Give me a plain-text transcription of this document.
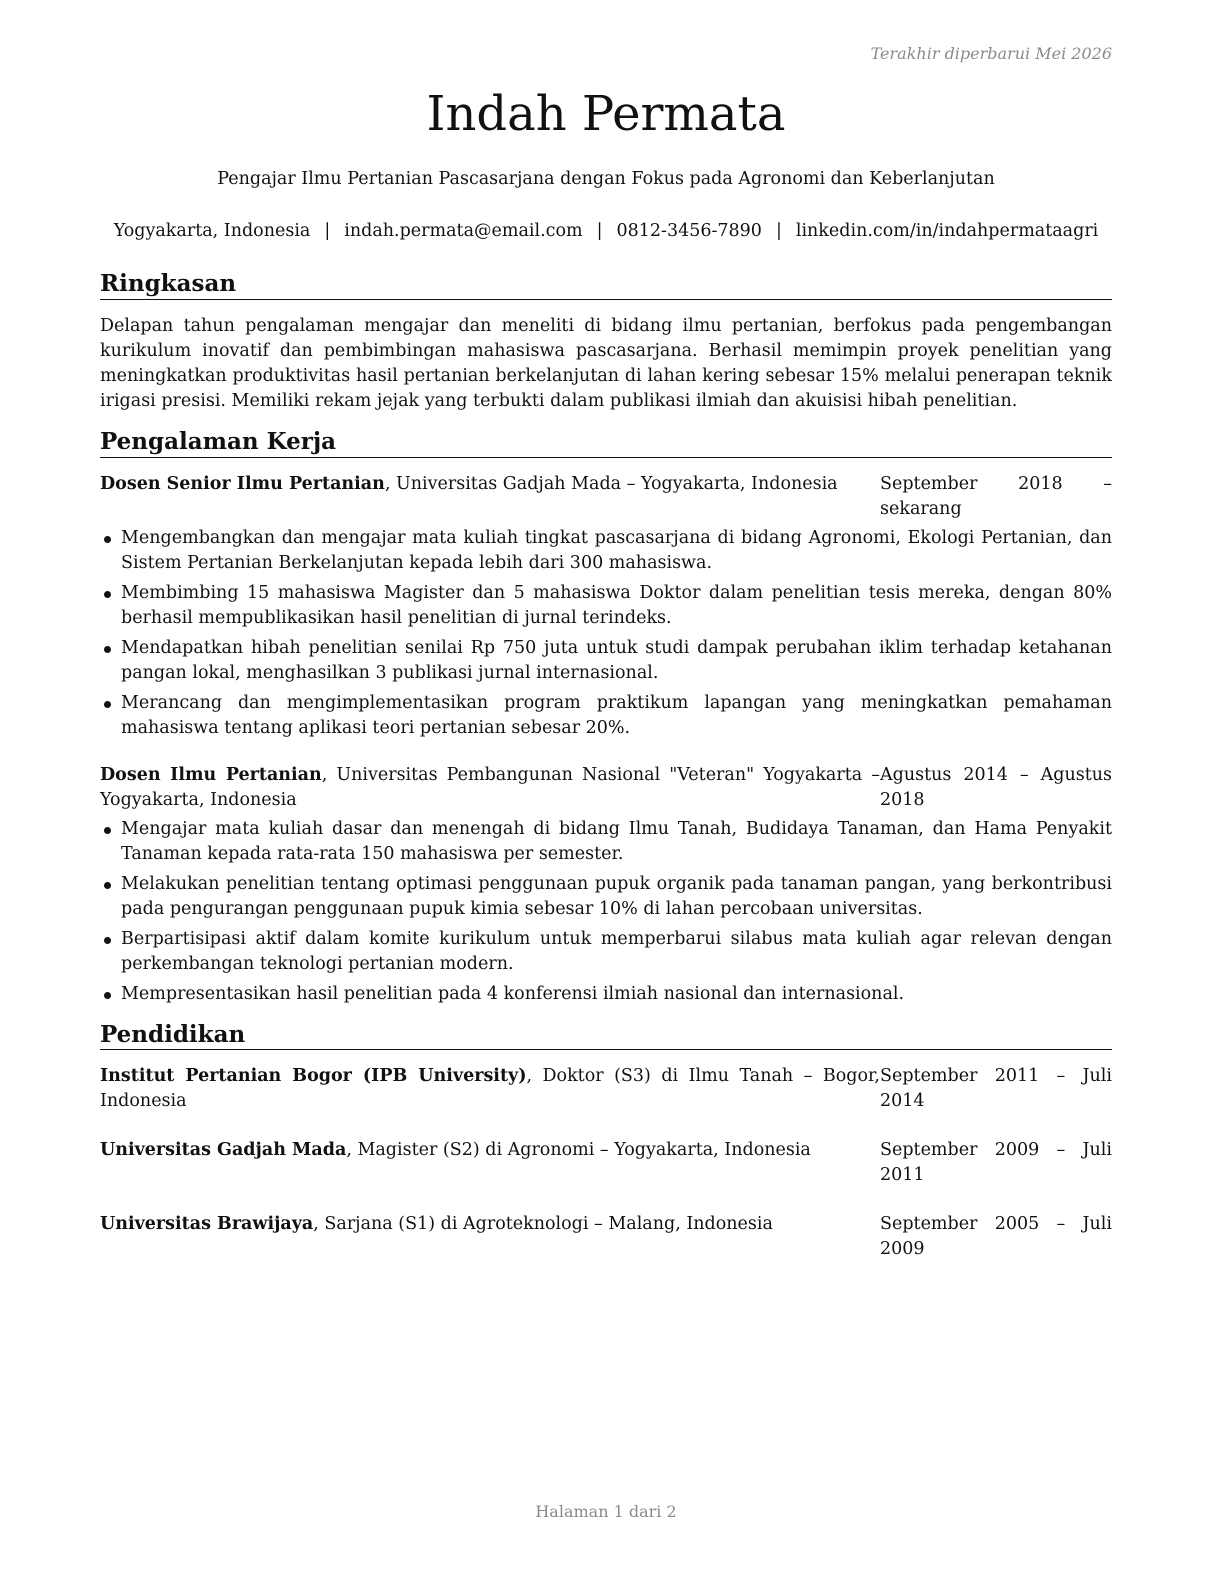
Terakhir diperbarui Mei 2026
Indah Permata
Pengajar Ilmu Pertanian Pascasarjana dengan Fokus pada Agronomi dan Keberlanjutan
Yogyakarta, Indonesia | indah.permata@email.com | 0812-3456-7890 | linkedin.com/in/indahpermataagri
Ringkasan

Delapan tahun pengalaman mengajar dan meneliti di bidang ilmu pertanian, berfokus pada pengembangan kurikulum inovatif dan pembimbingan mahasiswa pascasarjana. Berhasil memimpin proyek penelitian yang meningkatkan produktivitas hasil pertanian berkelanjutan di lahan kering sebesar 15% melalui penerapan teknik irigasi presisi. Memiliki rekam jejak yang terbukti dalam publikasi ilmiah dan akuisisi hibah penelitian.

Pengalaman Kerja
Dosen Senior Ilmu Pertanian, Universitas Gadjah Mada – Yogyakarta, Indonesia	September 2018 – sekarang
Mengembangkan dan mengajar mata kuliah tingkat pascasarjana di bidang Agronomi, Ekologi Pertanian, dan Sistem Pertanian Berkelanjutan kepada lebih dari 300 mahasiswa.
Membimbing 15 mahasiswa Magister dan 5 mahasiswa Doktor dalam penelitian tesis mereka, dengan 80% berhasil mempublikasikan hasil penelitian di jurnal terindeks.
Mendapatkan hibah penelitian senilai Rp 750 juta untuk studi dampak perubahan iklim terhadap ketahanan pangan lokal, menghasilkan 3 publikasi jurnal internasional.
Merancang dan mengimplementasikan program praktikum lapangan yang meningkatkan pemahaman mahasiswa tentang aplikasi teori pertanian sebesar 20%.
Dosen Ilmu Pertanian, Universitas Pembangunan Nasional "Veteran" Yogyakarta – Yogyakarta, Indonesia
Agustus 2014 – Agustus 2018
Mengajar mata kuliah dasar dan menengah di bidang Ilmu Tanah, Budidaya Tanaman, dan Hama Penyakit Tanaman kepada rata-rata 150 mahasiswa per semester.
Melakukan penelitian tentang optimasi penggunaan pupuk organik pada tanaman pangan, yang berkontribusi pada pengurangan penggunaan pupuk kimia sebesar 10% di lahan percobaan universitas.
Berpartisipasi aktif dalam komite kurikulum untuk memperbarui silabus mata kuliah agar relevan dengan perkembangan teknologi pertanian modern.
Mempresentasikan hasil penelitian pada 4 konferensi ilmiah nasional dan internasional.
Pendidikan
Institut Pertanian Bogor (IPB University), Doktor (S3) di Ilmu Tanah – Bogor, Indonesia
September 2011 – Juli 2014
Universitas Gadjah Mada, Magister (S2) di Agronomi – Yogyakarta, Indonesia	September 2009 – Juli 2011
Universitas Brawijaya, Sarjana (S1) di Agroteknologi – Malang, Indonesia	September 2005 – Juli 2009
Halaman 1 dari 2
